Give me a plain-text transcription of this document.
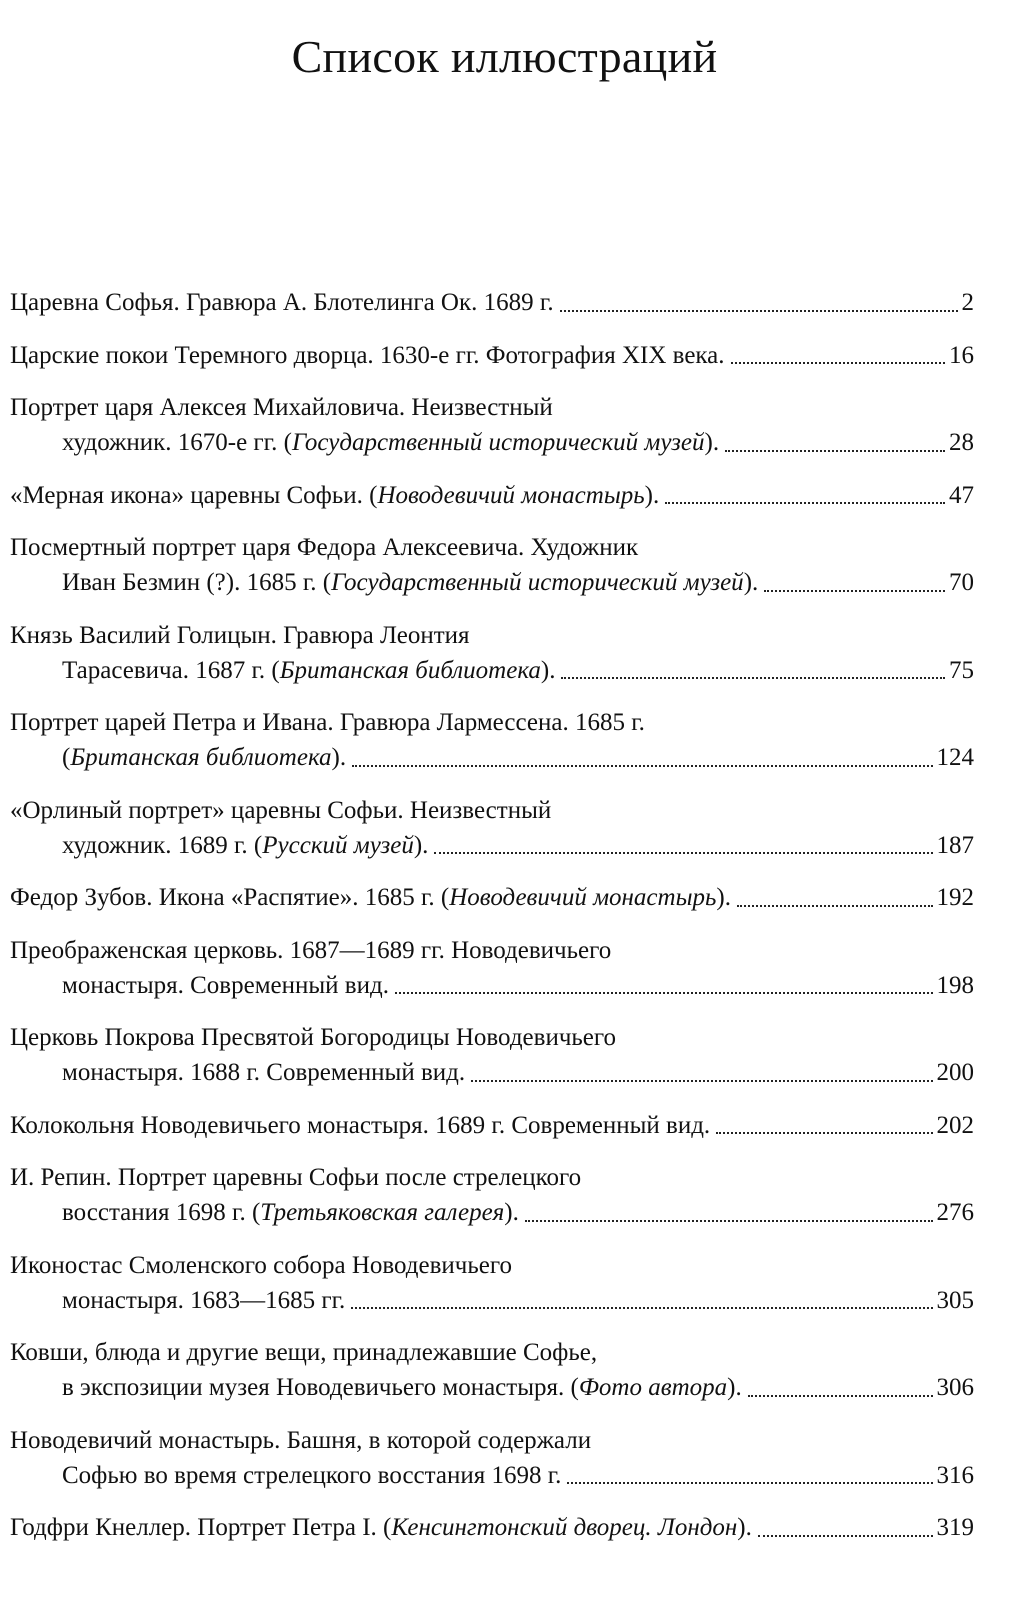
Список иллюстраций
Царевна Софья. Гравюра А. Блотелинга Ок. 1689 г.	2
Царские покои Теремного дворца. 1630-е гг. Фотография XIX века.	16
Портрет царя Алексея Михайловича. Неизвестный
художник. 1670-е гг. ( Государственный исторический музей ).	28
«Мерная икона» царевны Софьи. ( Новодевичий монастырь ).	47
Посмертный портрет царя Федора Алексеевича. Художник
Иван Безмин (?). 1685 г. ( Государственный исторический музей ).	70
Князь Василий Голицын. Гравюра Леонтия
Тарасевича. 1687 г. ( Британская библиотека ).	75
Портрет царей Петра и Ивана. Гравюра Лармессена. 1685 г.
( Британская библиотека ).	124
«Орлиный портрет» царевны Софьи. Неизвестный
художник. 1689 г. ( Русский музей ).	187
Федор Зубов. Икона «Распятие». 1685 г. ( Новодевичий монастырь ).	192
Преображенская церковь. 1687—1689 гг. Новодевичьего
монастыря. Современный вид.	198
Церковь Покрова Пресвятой Богородицы Новодевичьего
монастыря. 1688 г. Современный вид.	200
Колокольня Новодевичьего монастыря. 1689 г. Современный вид.	202
И. Репин. Портрет царевны Софьи после стрелецкого
восстания 1698 г. ( Третьяковская галерея ).	276
Иконостас Смоленского собора Новодевичьего
монастыря. 1683—1685 гг.	305
Ковши, блюда и другие вещи, принадлежавшие Софье,
в экспозиции музея Новодевичьего монастыря. ( Фото автора ).	306
Новодевичий монастырь. Башня, в которой содержали
Софью во время стрелецкого восстания 1698 г.	316
Годфри Кнеллер. Портрет Петра I. ( Кенсингтонский дворец. Лондон ).	319
